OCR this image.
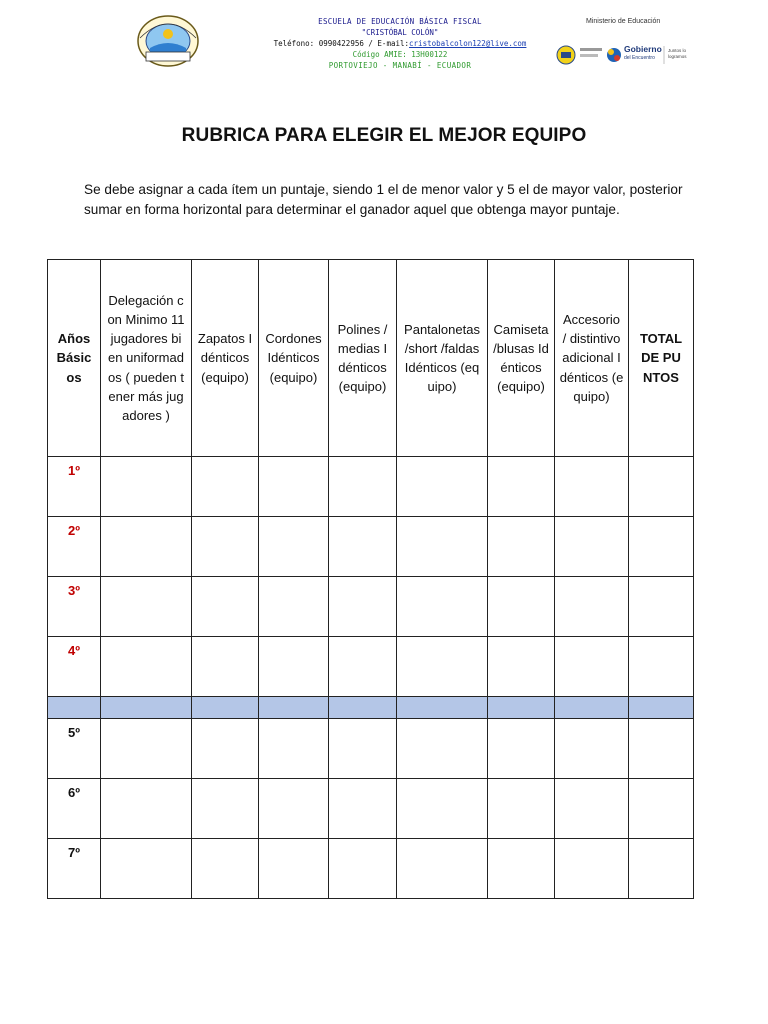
ESCUELA DE EDUCACIÓN BÁSICA FISCAL
"CRISTÓBAL COLÓN"
Teléfono: 0990422956 / E-mail:cristobalcolon122@live.com
Código AMIE: 13H00122
PORTOVIEJO - MANABÍ - ECUADOR
Ministerio de Educación
Gobierno
del Encuentro
Juntos lo logramos
RUBRICA PARA ELEGIR EL MEJOR EQUIPO
Se debe asignar a cada ítem un puntaje, siendo 1 el de menor valor y 5 el de mayor valor, posterior sumar en forma horizontal para determinar el ganador aquel que obtenga mayor puntaje.
Años Básicos	Delegación con Minimo 11 jugadores bien uniformados ( pueden tener más jugadores )	Zapatos Idénticos (equipo)	Cordones Idénticos (equipo)	Polines /medias Idénticos (equipo)	Pantalonetas /short /faldas Idénticos (equipo)	Camiseta /blusas Idénticos (equipo)	Accesorio / distintivo adicional Idénticos (equipo)	TOTAL DE PUNTOS

1º								
2º								
3º								
4º								

5º								
6º								
7º								
